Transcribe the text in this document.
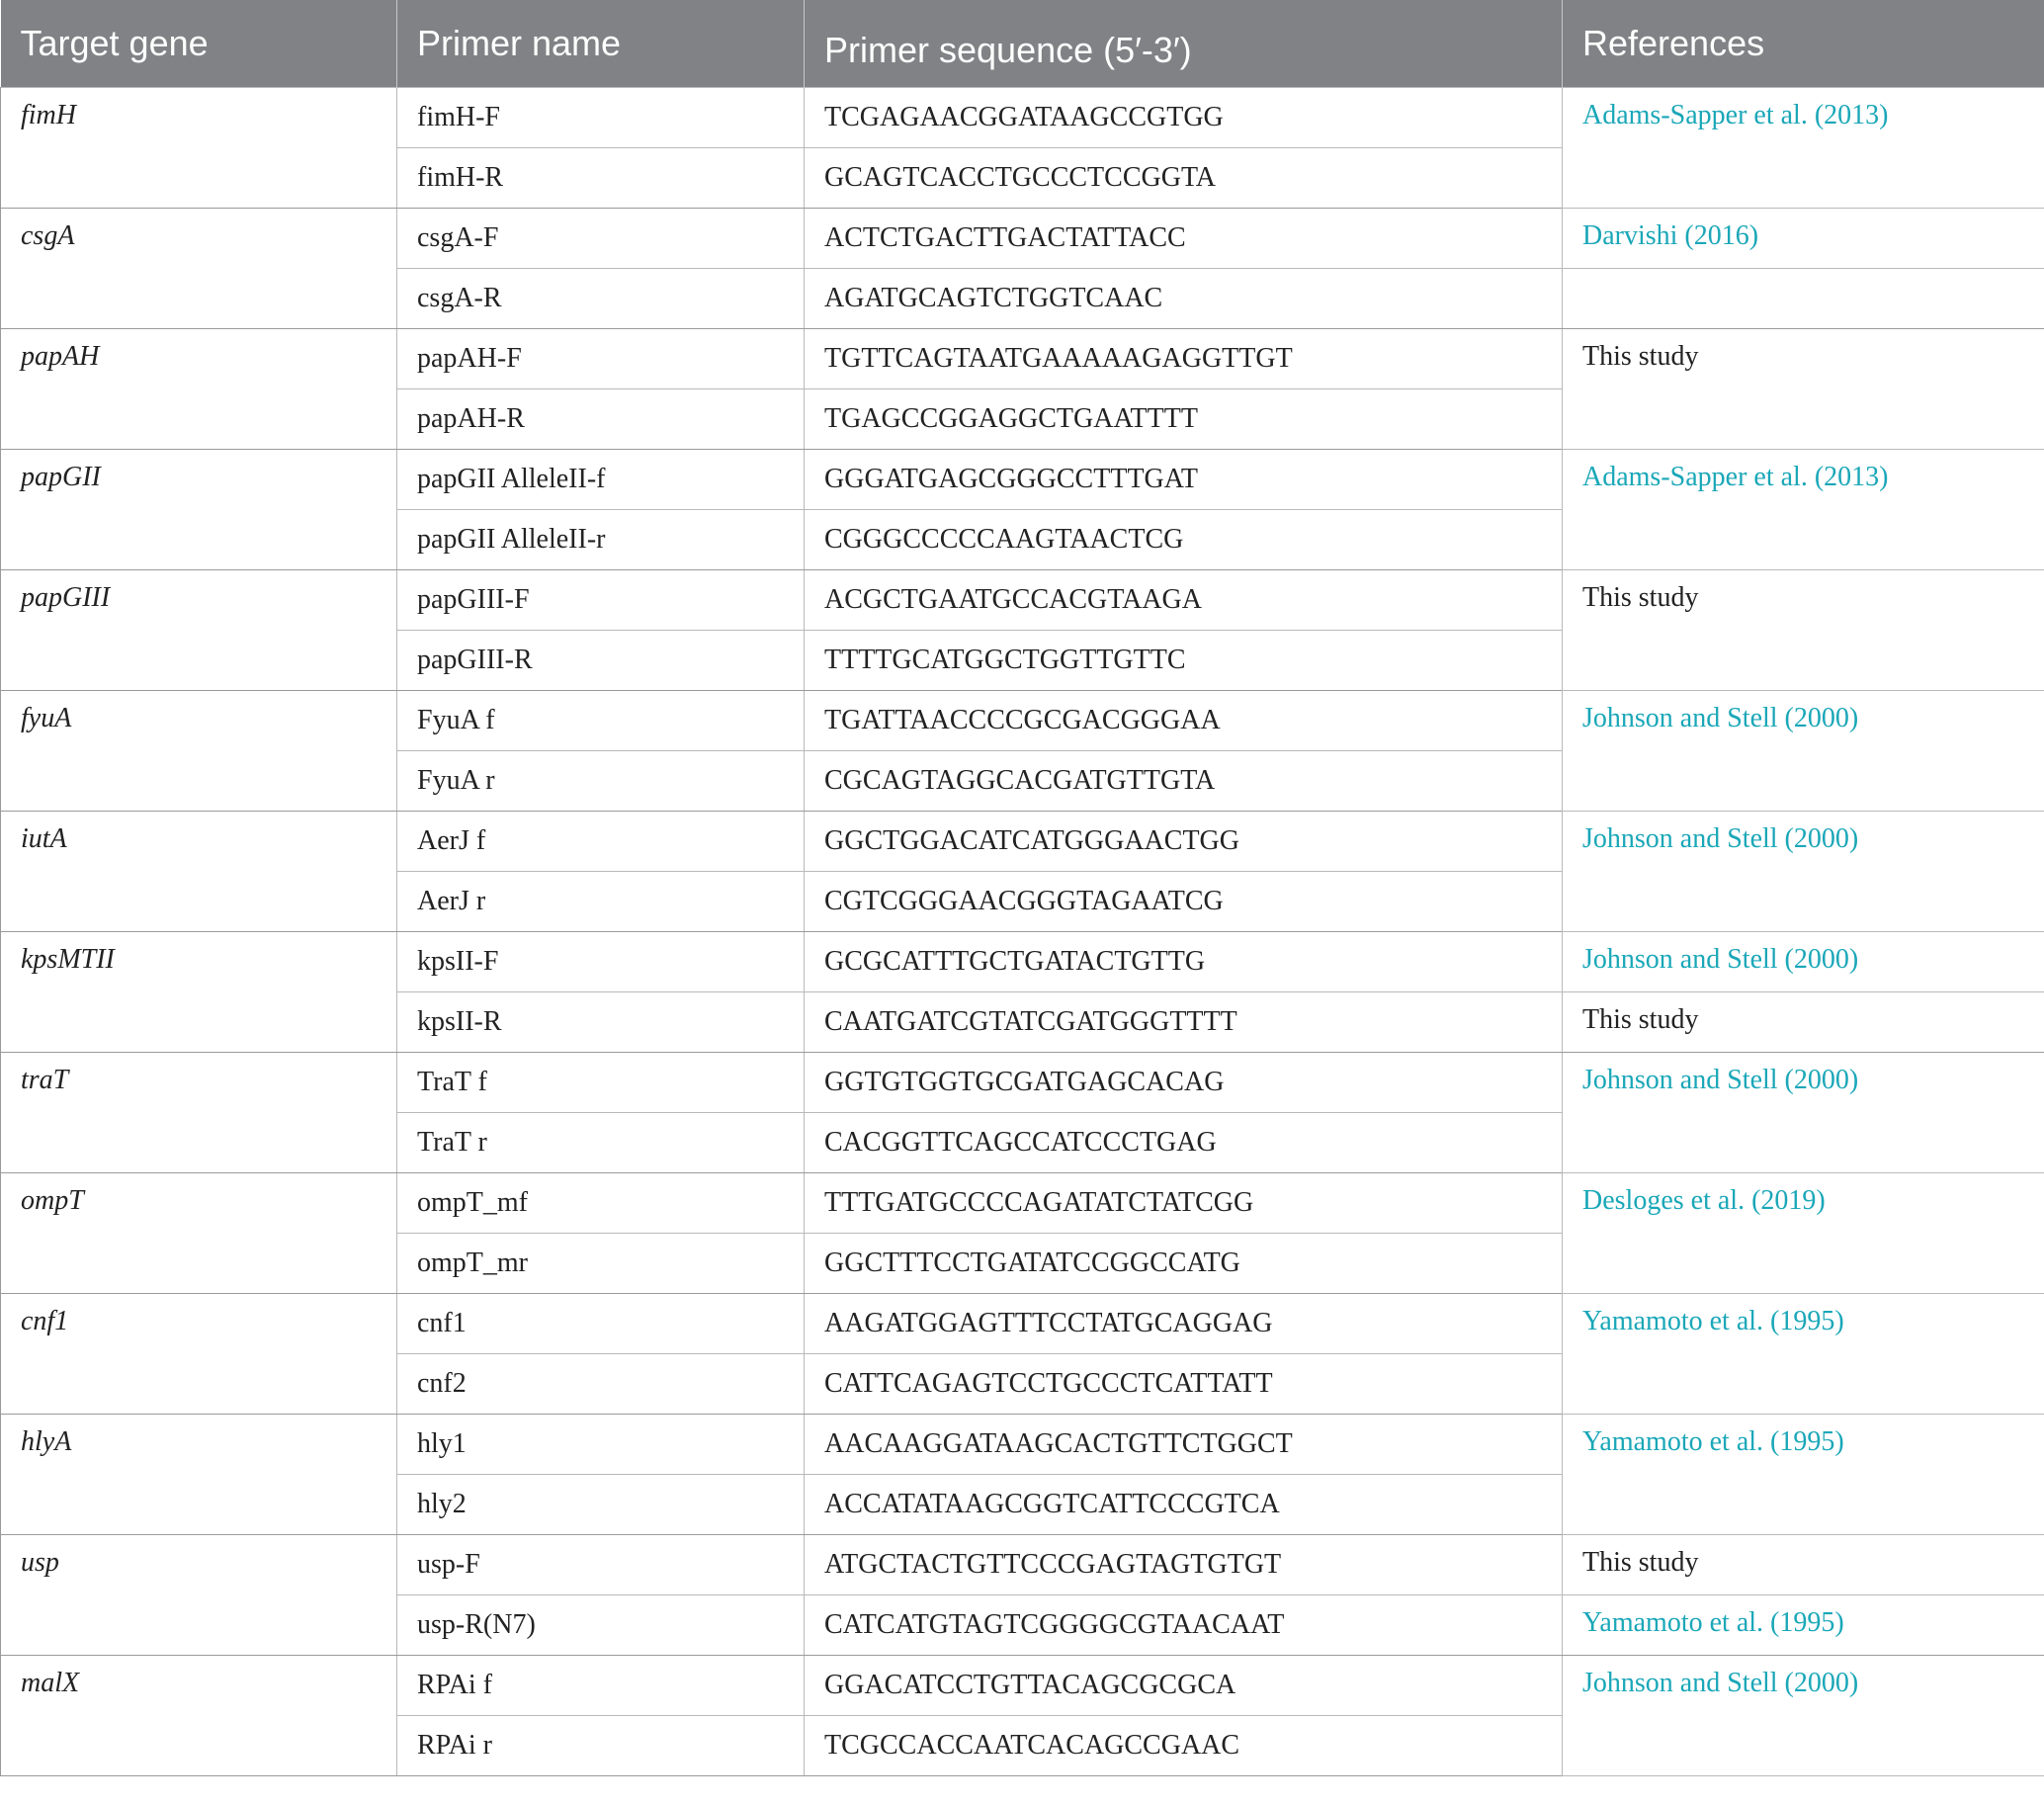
Target gene	Primer name	Primer sequence (5′-3′)	References
fimH	fimH-F	TCGAGAACGGATAAGCCGTGG	Adams-Sapper et al. (2013)
	fimH-R	GCAGTCACCTGCCCTCCGGTA	
csgA	csgA-F	ACTCTGACTTGACTATTACC	Darvishi (2016)
	csgA-R	AGATGCAGTCTGGTCAAC	
papAH	papAH-F	TGTTCAGTAATGAAAAAGAGGTTGT	This study
	papAH-R	TGAGCCGGAGGCTGAATTTT	
papGII	papGII AlleleII-f	GGGATGAGCGGGCCTTTGAT	Adams-Sapper et al. (2013)
	papGII AlleleII-r	CGGGCCCCCAAGTAACTCG	
papGIII	papGIII-F	ACGCTGAATGCCACGTAAGA	This study
	papGIII-R	TTTTGCATGGCTGGTTGTTC	
fyuA	FyuA f	TGATTAACCCCGCGACGGGAA	Johnson and Stell (2000)
	FyuA r	CGCAGTAGGCACGATGTTGTA	
iutA	AerJ f	GGCTGGACATCATGGGAACTGG	Johnson and Stell (2000)
	AerJ r	CGTCGGGAACGGGTAGAATCG	
kpsMTII	kpsII-F	GCGCATTTGCTGATACTGTTG	Johnson and Stell (2000)
	kpsII-R	CAATGATCGTATCGATGGGTTTT	This study
traT	TraT f	GGTGTGGTGCGATGAGCACAG	Johnson and Stell (2000)
	TraT r	CACGGTTCAGCCATCCCTGAG	
ompT	ompT_mf	TTTGATGCCCCAGATATCTATCGG	Desloges et al. (2019)
	ompT_mr	GGCTTTCCTGATATCCGGCCATG	
cnf1	cnf1	AAGATGGAGTTTCCTATGCAGGAG	Yamamoto et al. (1995)
	cnf2	CATTCAGAGTCCTGCCCTCATTATT	
hlyA	hly1	AACAAGGATAAGCACTGTTCTGGCT	Yamamoto et al. (1995)
	hly2	ACCATATAAGCGGTCATTCCCGTCA	
usp	usp-F	ATGCTACTGTTCCCGAGTAGTGTGT	This study
	usp-R(N7)	CATCATGTAGTCGGGGCGTAACAAT	Yamamoto et al. (1995)
malX	RPAi f	GGACATCCTGTTACAGCGCGCA	Johnson and Stell (2000)
	RPAi r	TCGCCACCAATCACAGCCGAAC	
